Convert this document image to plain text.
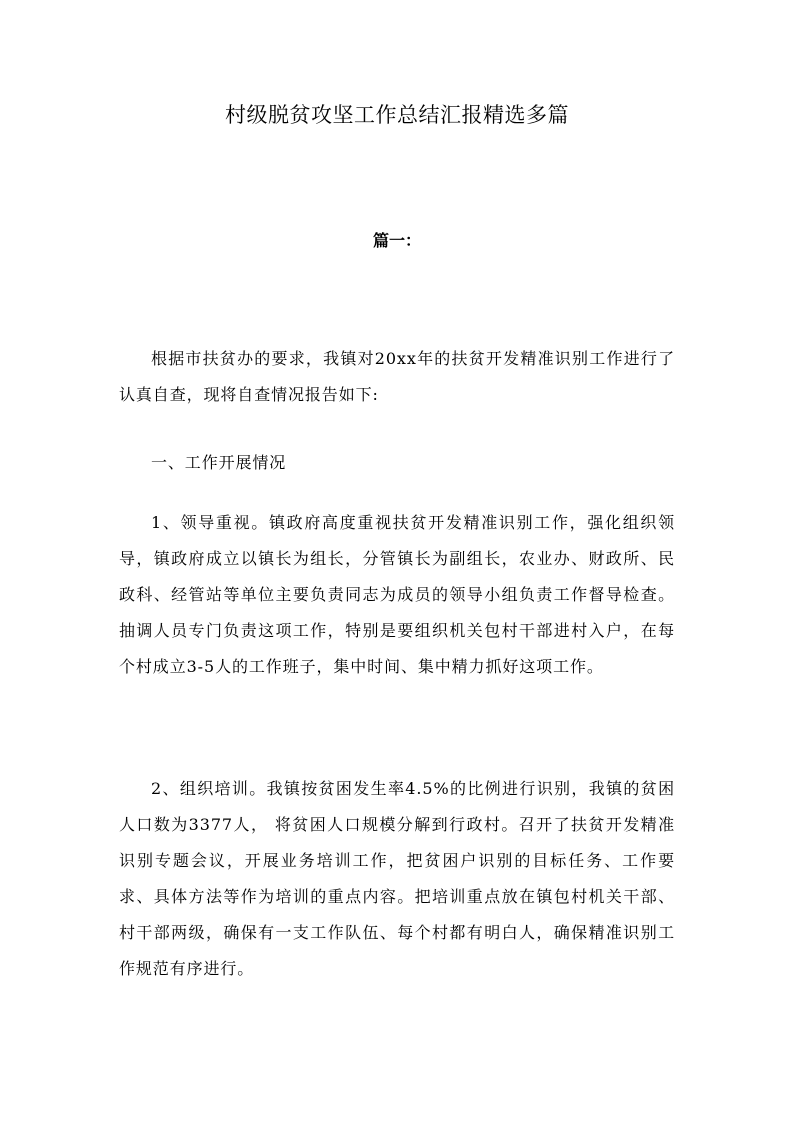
村级脱贫攻坚工作总结汇报精选多篇
篇一：

根据市扶贫办的要求，我镇对20xx年的扶贫开发精准识别工作进行了认真自查，现将自查情况报告如下:

一、工作开展情况

1、领导重视。镇政府高度重视扶贫开发精准识别工作，强化组织领导，镇政府成立以镇长为组长，分管镇长为副组长，农业办、财政所、民政科、经管站等单位主要负责同志为成员的领导小组负责工作督导检查。抽调人员专门负责这项工作，特别是要组织机关包村干部进村入户，在每个村成立3-5人的工作班子，集中时间、集中精力抓好这项工作。

2、组织培训。我镇按贫困发生率4.5%的比例进行识别，我镇的贫困人口数为3377人， 将贫困人口规模分解到行政村。召开了扶贫开发精准识别专题会议，开展业务培训工作，把贫困户识别的目标任务、工作要求、具体方法等作为培训的重点内容。把培训重点放在镇包村机关干部、村干部两级，确保有一支工作队伍、每个村都有明白人，确保精准识别工作规范有序进行。
